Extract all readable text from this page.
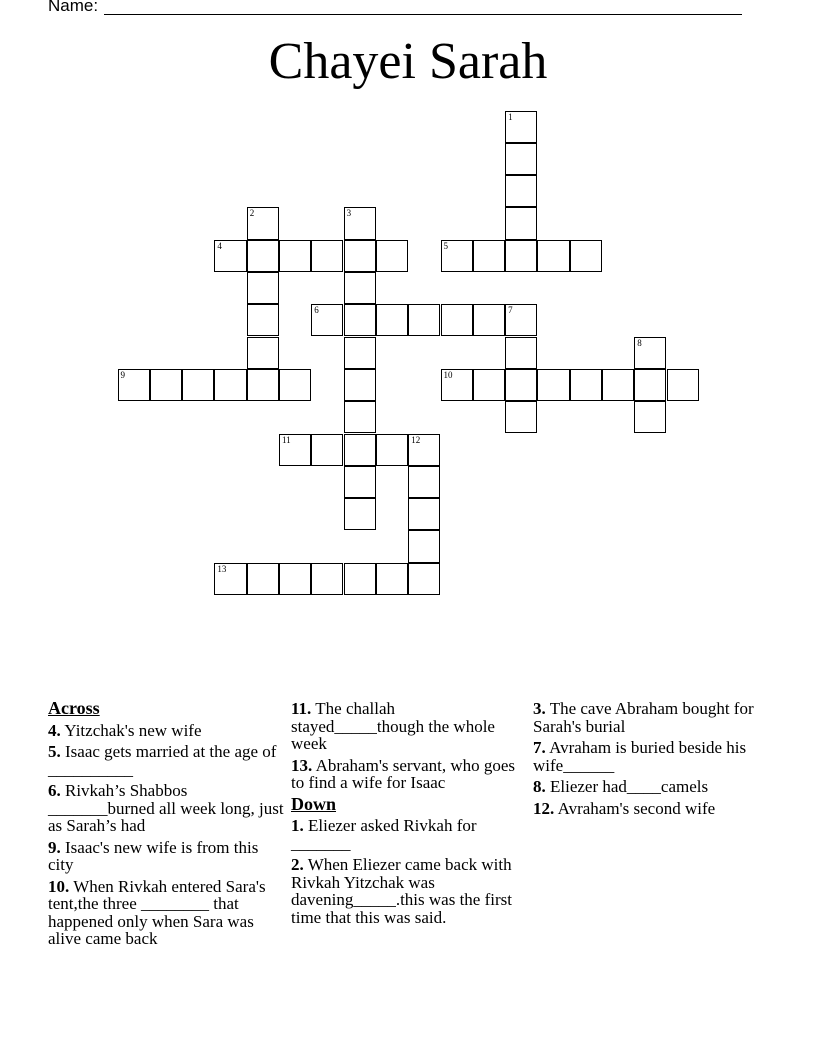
Name:
Chayei Sarah
1
2	3
4	5
6	7
8
9	10
11	12
13
Across
4. Yitzchak's new wife
5. Isaac gets married at the age of __________
6. Rivkah’s Shabbos _______burned all week long, just as Sarah’s had
9. Isaac's new wife is from this city
10. When Rivkah entered Sara's tent,the three ________ that happened only when Sara was alive came back
11. The challah stayed_____though the whole week
13. Abraham's servant, who goes to find a wife for Isaac
Down
1. Eliezer asked Rivkah for _______
2. When Eliezer came back with Rivkah Yitzchak was davening_____.this was the first time that this was said.
3. The cave Abraham bought for Sarah's burial
7. Avraham is buried beside his wife______
8. Eliezer had____camels
12. Avraham's second wife
